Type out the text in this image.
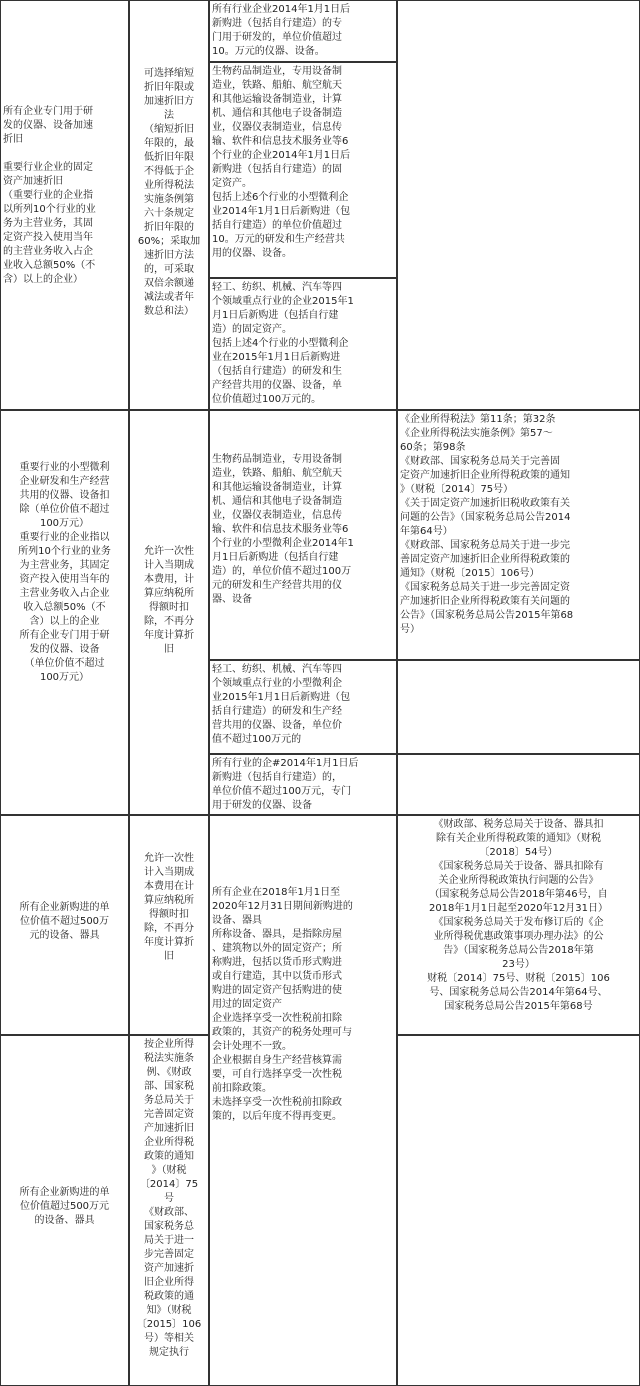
所有企业专门用于研
发的仪器、设备加速
折旧

重要行业企业的固定
资产加速折旧
（重要行业的企业指
以所列10个行业的业
务为主营业务，其固
定资产投入使用当年
的主营业务收入占企
业收入总额50%（不
含）以上的企业）

重要行业的小型微利
企业研发和生产经营
共用的仪器、设备扣
除（单位价值不超过
100万元）
重要行业的企业指以
所列10个行业的业务
为主营业务，其固定
资产投入使用当年的
主营业务收入占企业
收入总额50%（不
含）以上的企业
所有企业专门用于研
发的仪器、设备
（单位价值不超过
100万元）

所有企业新购进的单
位价值不超过500万
元的设备、器具

所有企业新购进的单
位价值超过500万元
的设备、器具

可选择缩短
折旧年限或
加速折旧方
法
（缩短折旧
年限的，最
低折旧年限
不得低于企
业所得税法
实施条例第
六十条规定
折旧年限的
60%；采取加
速折旧方法
的，可采取
双倍余额递
减法或者年
数总和法）

允许一次性
计入当期成
本费用，计
算应纳税所
得额时扣
除，不再分
年度计算折
旧

允许一次性
计入当期成
本费用在计
算应纳税所
得额时扣
除，不再分
年度计算折
旧

按企业所得
税法实施条
例、《财政
部、国家税
务总局关于
完善固定资
产加速折旧
企业所得税
政策的通知
》（财税
〔2014〕75
号
《财政部、
国家税务总
局关于进一
步完善固定
资产加速折
旧企业所得
税政策的通
知》（财税
〔2015〕106
号）等相关
规定执行

所有行业企业2014年1月1日后
新购进（包括自行建造）的专
门用于研发的，单位价值超过
10。万元的仪器、设备。

生物药品制造业，专用设备制
造业，铁路、船舶、航空航天
和其他运输设备制造业，计算
机、通信和其他电子设备制造
业，仪器仪表制造业，信息传
输、软件和信息技术服务业等6
个行业的企业2014年1月1日后
新购进（包括自行建造）的固
定资产。
包括上述6个行业的小型微利企
业2014年1月1日后新购进（包
括自行建造）的单位价值超过
10。万元的研发和生产经营共
用的仪器、设备。

轻工、纺织、机械、汽车等四
个领域重点行业的企业2015年1
月1日后新购进（包括自行建
造）的固定资产。
包括上述4个行业的小型微利企
业在2015年1月1日后新购进
（包括自行建造）的研发和生
产经营共用的仪器、设备，单
位价值超过100万元的。

生物药品制造业，专用设备制
造业，铁路、船舶、航空航天
和其他运输设备制造业，计算
机、通信和其他电子设备制造
业，仪器仪表制造业，信息传
输、软件和信息技术服务业等6
个行业的小型微利企业2014年1
月1日后新购进（包括自行建
造）的，单位价值不超过100万
元的研发和生产经营共用的仪
器、设备

轻工、纺织、机械、汽车等四
个领域重点行业的小型微利企
业2015年1月1日后新购进（包
括自行建造）的研发和生产经
营共用的仪器、设备，单位价
值不超过100万元的

所有行业的企#2014年1月1日后
新购进（包括自行建造）的，
单位价值不超过100万元，专门
用于研发的仪器、设备

所有企业在2018年1月1日至
2020年12月31日期间新购进的
设备、器具
所称设备、器具，是指除房屋
、建筑物以外的固定资产；所
称购进，包括以货币形式购进
或自行建造，其中以货币形式
购进的固定资产包括购进的使
用过的固定资产
企业选择享受一次性税前扣除
政策的，其资产的税务处理可与
会计处理不一致。
企业根据自身生产经营核算需
要，可自行选择享受一次性税
前扣除政策。
未选择享受一次性税前扣除政
策的，以后年度不得再变更。

《企业所得税法》第11条；第32条
《企业所得税法实施条例》第57～
60条；第98条
《财政部、国家税务总局关于完善固
定资产加速折旧企业所得税政策的通知
》（财税〔2014〕75号）
《关于固定资产加速折旧税收政策有关
问题的公告》（国家税务总局公告2014
年第64号）
《财政部、国家税务总局关于进一步完
善固定资产加速折旧企业所得税政策的
通知》（财税〔2015〕106号）
《国家税务总局关于进一步完善固定资
产加速折旧企业所得税政策有关问题的
公告》（国家税务总局公告2015年第68
号）

《财政部、税务总局关于设备、器具扣
除有关企业所得税政策的通知》（财税
〔2018〕54号）
《国家税务总局关于设备、器具扣除有
关企业所得税政策执行问题的公告》
（国家税务总局公告2018年第46号，自
2018年1月1日起至2020年12月31日）
《国家税务总局关于发布修订后的《企
业所得税优惠政策事项办理办法》的公
告》（国家税务总局公告2018年第
23号）
财税〔2014〕75号、财税〔2015〕106
号、国家税务总局公告2014年第64号、
国家税务总局公告2015年第68号
